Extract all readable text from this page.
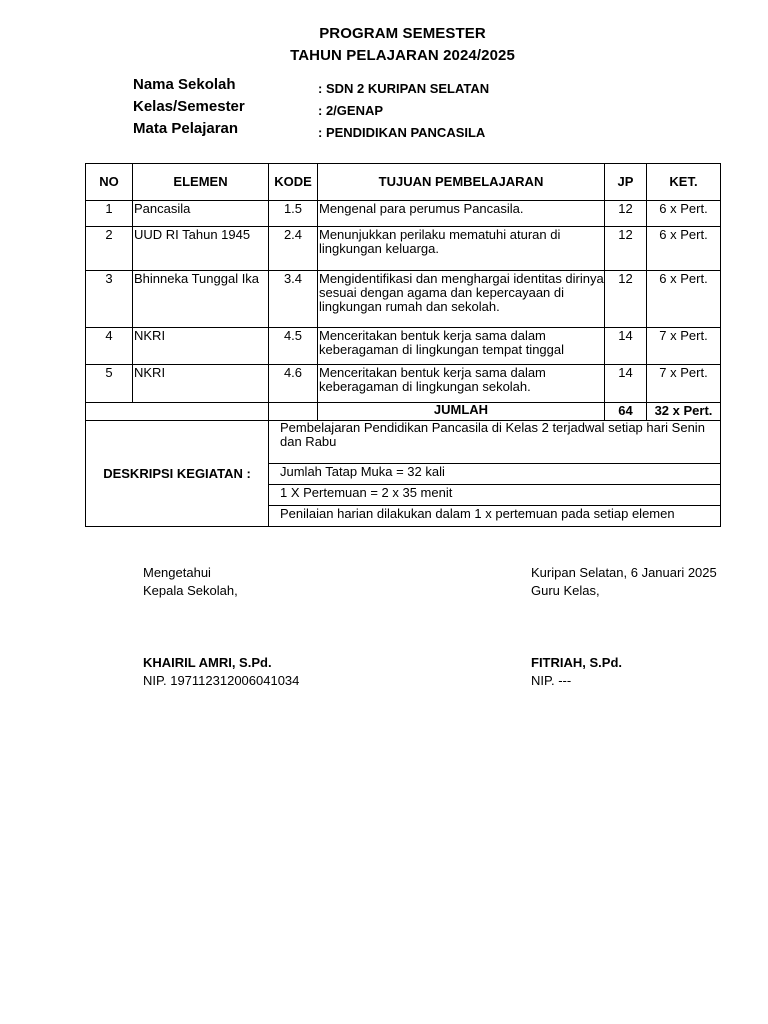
PROGRAM SEMESTER
TAHUN PELAJARAN 2024/2025
Nama Sekolah	: SDN 2 KURIPAN SELATAN
Kelas/Semester	: 2/GENAP
Mata Pelajaran	: PENDIDIKAN PANCASILA
NO	ELEMEN	KODE	TUJUAN PEMBELAJARAN	JP	KET.
1	Pancasila	1.5	Mengenal para perumus Pancasila.	12	6 x Pert.
2	UUD RI Tahun 1945	2.4	Menunjukkan perilaku mematuhi aturan di lingkungan keluarga.	12	6 x Pert.
3	Bhinneka Tunggal Ika	3.4	Mengidentifikasi dan menghargai identitas dirinya sesuai dengan agama dan kepercayaan di lingkungan rumah dan sekolah.	12	6 x Pert.
4	NKRI	4.5	Menceritakan bentuk kerja sama dalam keberagaman di lingkungan tempat tinggal	14	7 x Pert.
5	NKRI	4.6	Menceritakan bentuk kerja sama dalam keberagaman di lingkungan sekolah.	14	7 x Pert.
			JUMLAH	64	32 x Pert.
DESKRIPSI KEGIATAN :		Pembelajaran Pendidikan Pancasila di Kelas 2 terjadwal setiap hari Senin dan Rabu			
		Jumlah Tatap Muka = 32 kali			
		1 X Pertemuan = 2 x 35 menit			
		Penilaian harian dilakukan dalam 1 x pertemuan pada setiap elemen			
Mengetahui
Kepala Sekolah,
KHAIRIL AMRI, S.Pd.
NIP. 197112312006041034
Kuripan Selatan, 6 Januari 2025
Guru Kelas,
FITRIAH, S.Pd.
NIP. ---
